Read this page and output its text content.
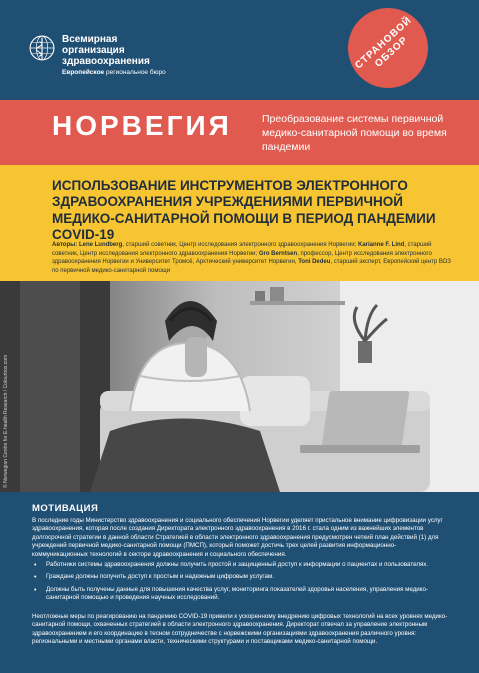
Всемирная организация здравоохранения
Европейское региональное бюро
СТРАНОВОЙ ОБЗОР
НОРВЕГИЯ	Преобразование системы первичной медико-санитарной помощи во время пандемии
ИСПОЛЬЗОВАНИЕ ИНСТРУМЕНТОВ ЭЛЕКТРОННОГО ЗДРАВООХРАНЕНИЯ УЧРЕЖДЕНИЯМИ ПЕРВИЧНОЙ МЕДИКО-САНИТАРНОЙ ПОМОЩИ В ПЕРИОД ПАНДЕМИИ COVID-19

Авторы: Lene Lundberg, старший советник, Центр исследования электронного здравоохранения Норвегии; Karianne F. Lind, старший советник, Центр исследования электронного здравоохранения Норвегии; Gro Berntsen, профессор, Центр исследования электронного здравоохранения Норвегии и Университет Тромсё, Арктический университет Норвегии, Toni Dedeu, старший эксперт, Европейский центр ВОЗ по первичной медико-санитарной помощи

© Norwegian Centre for E-health Research / Colourbox.com
МОТИВАЦИЯ

В последние годы Министерство здравоохранения и социального обеспечения Норвегии уделяет пристальное внимание цифровизации услуг здравоохранения, которая после создания Директората электронного здравоохранения в 2016 г. стала одним из важнейших элементов долгосрочной стратегии в данной области Стратегией в области электронного здравоохранения предусмотрен четкий план действий (1) для учреждений первичной медико-санитарной помощи (ПМСП), который поможет достичь трех целей развития информационно-коммуникационных технологий в секторе здравоохранения и социального обеспечения.

• Работники системы здравоохранения должны получить простой и защищенный доступ к информации о пациентах и пользователях.
• Граждане должны получить доступ к простым и надежным цифровым услугам.
• Должны быть получены данные для повышения качества услуг, мониторинга показателей здоровья населения, управления медико-санитарной помощью и проведения научных исследований.

Неотложные меры по реагированию на пандемию COVID-19 привели к ускоренному внедрению цифровых технологий на всех уровнях медико-санитарной помощи, охваченных стратегией в области электронного здравоохранения. Директорат отвечал за управление электронным здравоохранением и его координацию в тесном сотрудничестве с норвежскими организациями здравоохранения различного уровня: региональными и местными органами власти, техническими структурами и поставщиками медико-санитарной помощи.
